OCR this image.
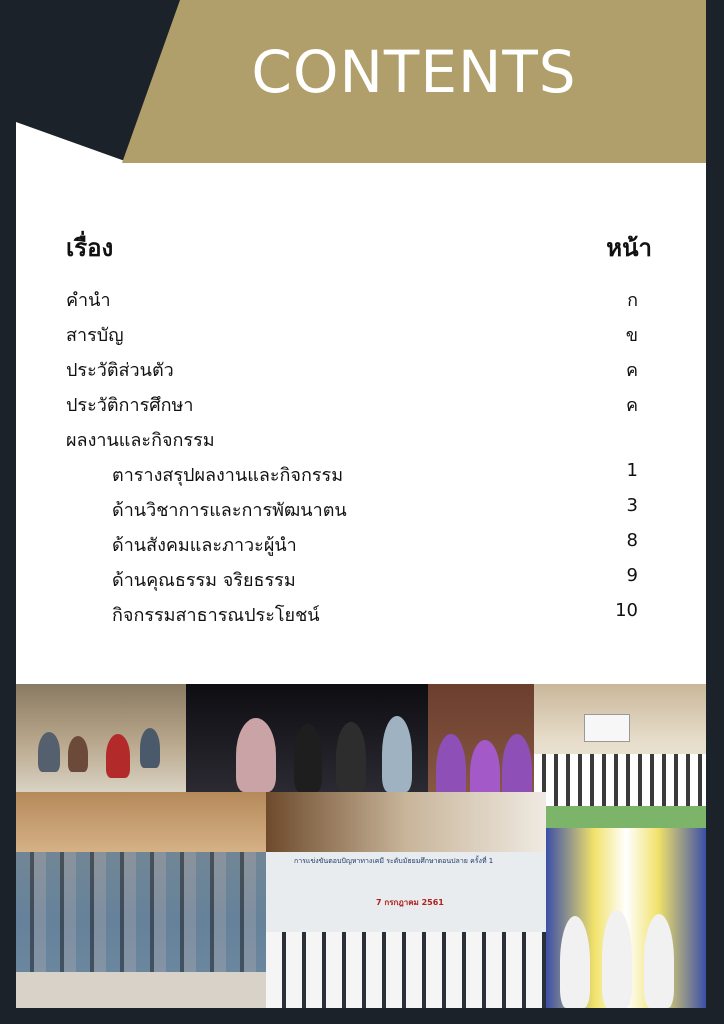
CONTENTS
เรื่อง	หน้า
คำนำ	ก
สารบัญ	ข
ประวัติส่วนตัว	ค
ประวัติการศึกษา	ค
ผลงานและกิจกรรม
ตารางสรุปผลงานและกิจกรรม	1
ด้านวิชาการและการพัฒนาตน	3
ด้านสังคมและภาวะผู้นำ	8
ด้านคุณธรรม จริยธรรม	9
กิจกรรมสาธารณประโยชน์	10
การแข่งขันตอบปัญหาทางเคมี ระดับมัธยมศึกษาตอนปลาย ครั้งที่ 1
7 กรกฎาคม 2561
